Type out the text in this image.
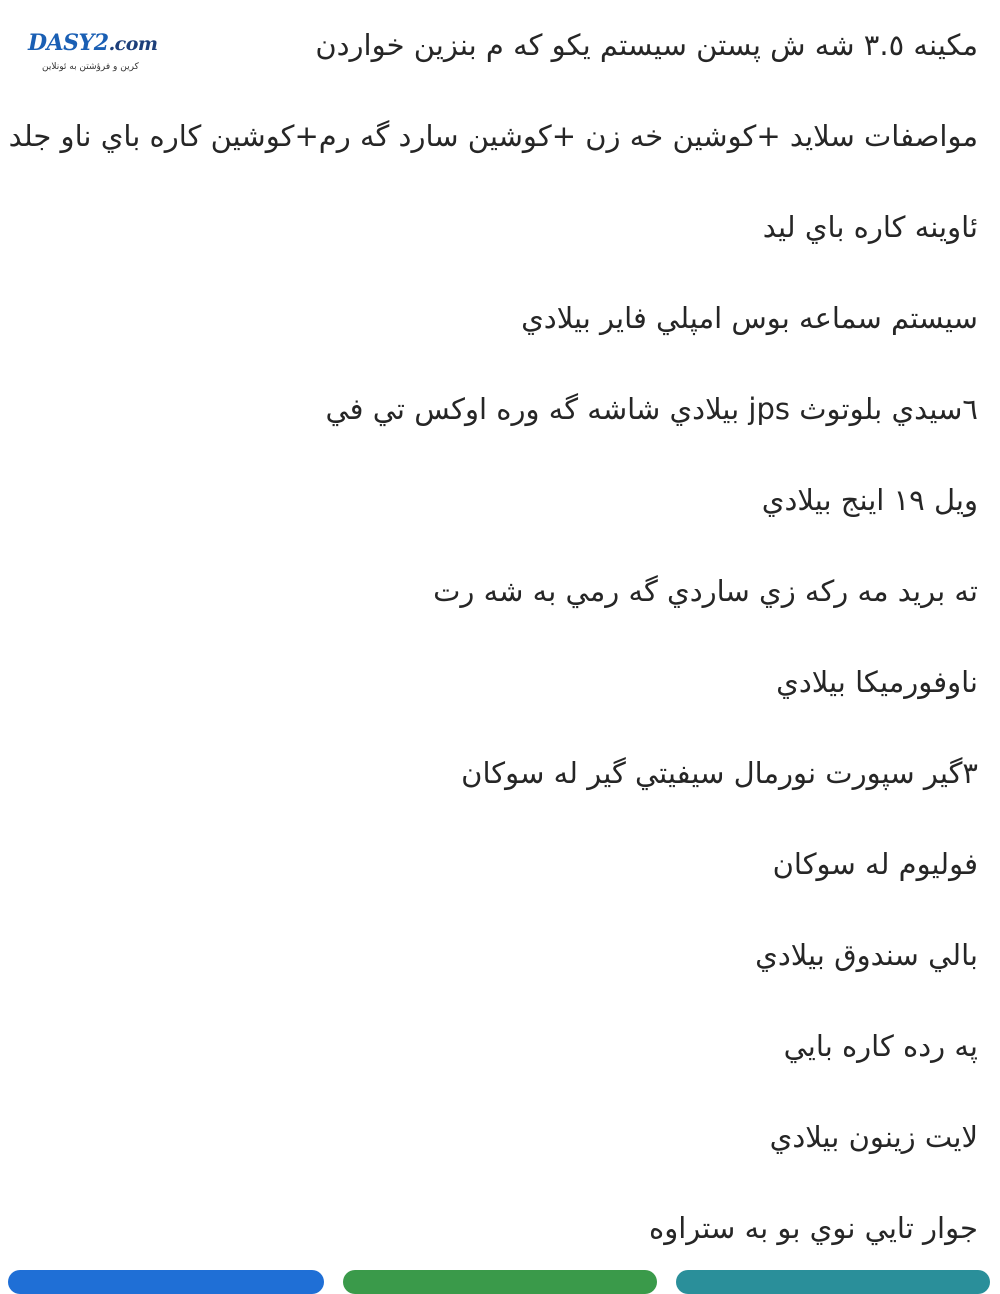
DASY2.com
كرين و فرؤشتن به ئونلاين
مكينه ٣.٥ شه ش پستن سيستم يكو كه م بنزين خواردن
مواصفات سلايد +كوشين خه زن +كوشين سارد گه رم+كوشين كاره باي ناو جلد
ئاوينه كاره باي ليد
سيستم سماعه بوس امپلي فاير بيلادي
٦سيدي بلوتوث jps بيلادي شاشه گه وره اوكس تي في
ويل ١٩ اينج بيلادي
ته بريد مه ركه زي ساردي گه رمي به شه رت
ناوفورميكا بيلادي
٣گير سپورت نورمال سيفيتي گير له سوكان
فوليوم له سوكان
بالي سندوق بيلادي
په رده كاره بايي
لايت زينون بيلادي
جوار تايي نوي بو به ستراوه
